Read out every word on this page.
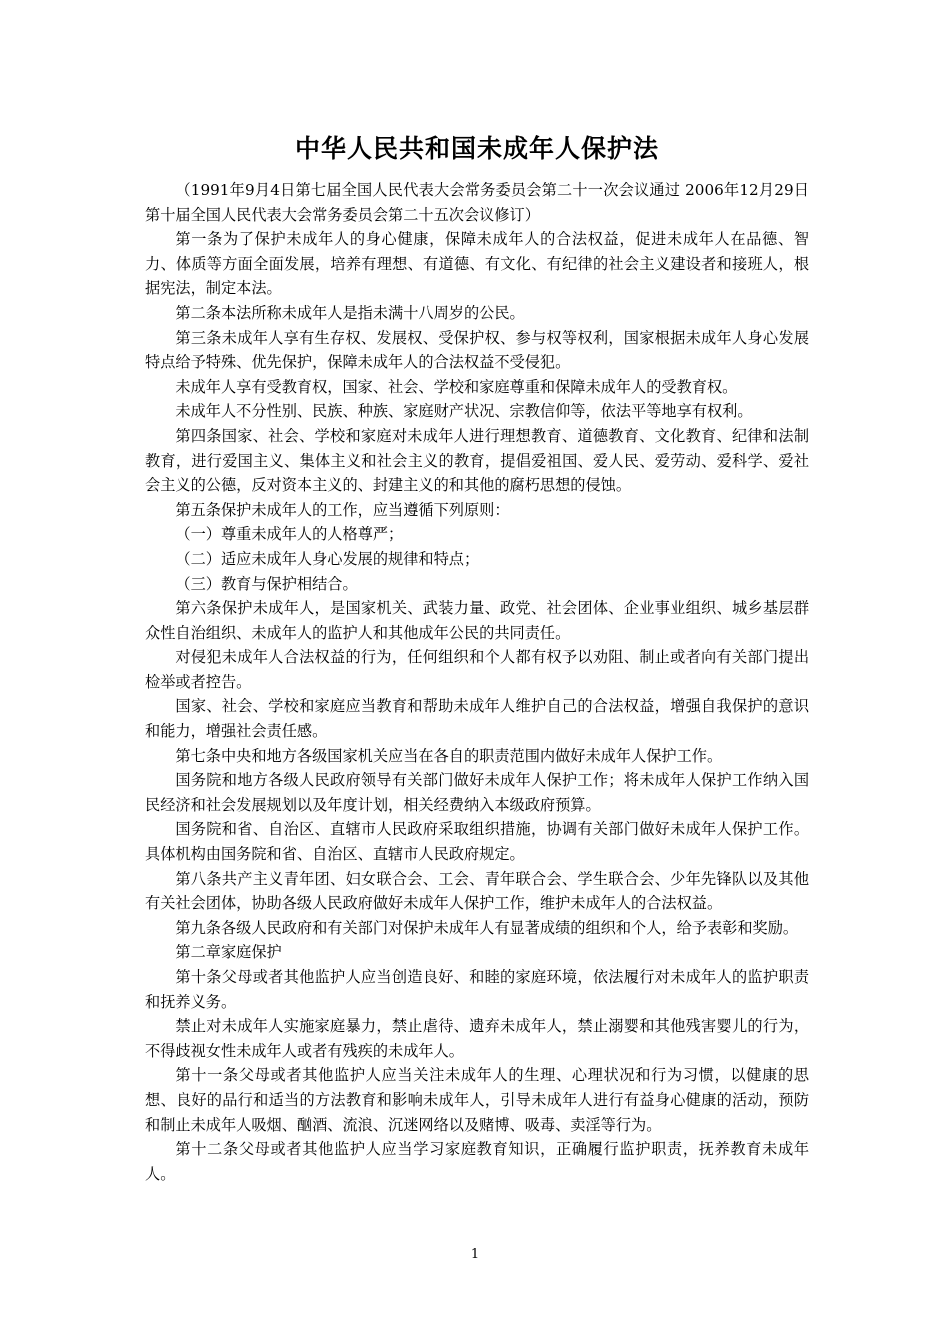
中华人民共和国未成年人保护法

（1991年9月4日第七届全国人民代表大会常务委员会第二十一次会议通过 2006年12月29日第十届全国人民代表大会常务委员会第二十五次会议修订）

第一条为了保护未成年人的身心健康，保障未成年人的合法权益，促进未成年人在品德、智力、体质等方面全面发展，培养有理想、有道德、有文化、有纪律的社会主义建设者和接班人，根据宪法，制定本法。

第二条本法所称未成年人是指未满十八周岁的公民。

第三条未成年人享有生存权、发展权、受保护权、参与权等权利，国家根据未成年人身心发展特点给予特殊、优先保护，保障未成年人的合法权益不受侵犯。

未成年人享有受教育权，国家、社会、学校和家庭尊重和保障未成年人的受教育权。

未成年人不分性别、民族、种族、家庭财产状况、宗教信仰等，依法平等地享有权利。

第四条国家、社会、学校和家庭对未成年人进行理想教育、道德教育、文化教育、纪律和法制教育，进行爱国主义、集体主义和社会主义的教育，提倡爱祖国、爱人民、爱劳动、爱科学、爱社会主义的公德，反对资本主义的、封建主义的和其他的腐朽思想的侵蚀。

第五条保护未成年人的工作，应当遵循下列原则：

（一）尊重未成年人的人格尊严；

（二）适应未成年人身心发展的规律和特点；

（三）教育与保护相结合。

第六条保护未成年人，是国家机关、武装力量、政党、社会团体、企业事业组织、城乡基层群众性自治组织、未成年人的监护人和其他成年公民的共同责任。

对侵犯未成年人合法权益的行为，任何组织和个人都有权予以劝阻、制止或者向有关部门提出检举或者控告。

国家、社会、学校和家庭应当教育和帮助未成年人维护自己的合法权益，增强自我保护的意识和能力，增强社会责任感。

第七条中央和地方各级国家机关应当在各自的职责范围内做好未成年人保护工作。

国务院和地方各级人民政府领导有关部门做好未成年人保护工作；将未成年人保护工作纳入国民经济和社会发展规划以及年度计划，相关经费纳入本级政府预算。

国务院和省、自治区、直辖市人民政府采取组织措施，协调有关部门做好未成年人保护工作。具体机构由国务院和省、自治区、直辖市人民政府规定。

第八条共产主义青年团、妇女联合会、工会、青年联合会、学生联合会、少年先锋队以及其他有关社会团体，协助各级人民政府做好未成年人保护工作，维护未成年人的合法权益。

第九条各级人民政府和有关部门对保护未成年人有显著成绩的组织和个人，给予表彰和奖励。

第二章家庭保护

第十条父母或者其他监护人应当创造良好、和睦的家庭环境，依法履行对未成年人的监护职责和抚养义务。

禁止对未成年人实施家庭暴力，禁止虐待、遗弃未成年人，禁止溺婴和其他残害婴儿的行为，不得歧视女性未成年人或者有残疾的未成年人。

第十一条父母或者其他监护人应当关注未成年人的生理、心理状况和行为习惯，以健康的思想、良好的品行和适当的方法教育和影响未成年人，引导未成年人进行有益身心健康的活动，预防和制止未成年人吸烟、酗酒、流浪、沉迷网络以及赌博、吸毒、卖淫等行为。

第十二条父母或者其他监护人应当学习家庭教育知识，正确履行监护职责，抚养教育未成年人。

1
